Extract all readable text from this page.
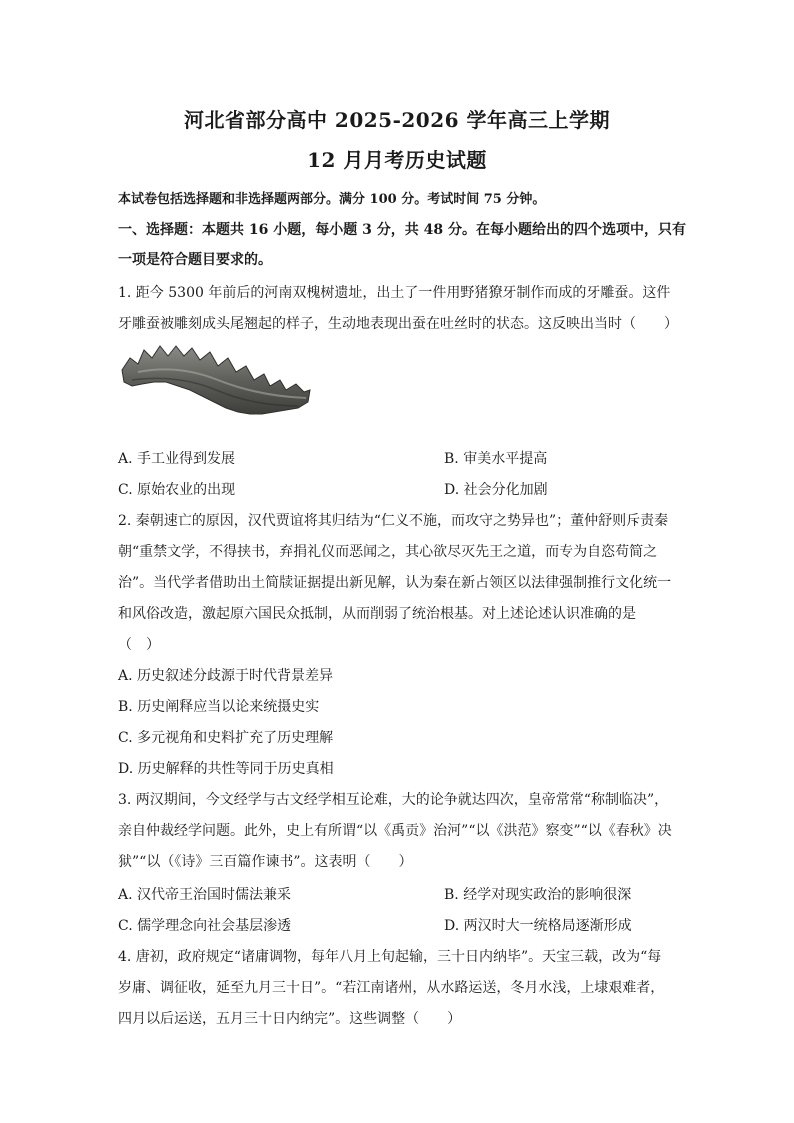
河北省部分高中 2025-2026 学年高三上学期
12 月月考历史试题
本试卷包括选择题和非选择题两部分。满分 100 分。考试时间 75 分钟。
一、选择题：本题共 16 小题，每小题 3 分，共 48 分。在每小题给出的四个选项中，只有
一项是符合题目要求的。
1. 距今 5300 年前后的河南双槐树遗址，出土了一件用野猪獠牙制作而成的牙雕蚕。这件
牙雕蚕被雕刻成头尾翘起的样子，生动地表现出蚕在吐丝时的状态。这反映出当时（　　）
A. 手工业得到发展	B. 审美水平提高
C. 原始农业的出现	D. 社会分化加剧
2. 秦朝速亡的原因，汉代贾谊将其归结为“仁义不施，而攻守之势异也”；董仲舒则斥责秦
朝“重禁文学，不得挟书，弃捐礼仪而恶闻之，其心欲尽灭先王之道，而专为自恣苟简之
治”。当代学者借助出土简牍证据提出新见解，认为秦在新占领区以法律强制推行文化统一
和风俗改造，激起原六国民众抵制，从而削弱了统治根基。对上述论述认识准确的是
（　）
A. 历史叙述分歧源于时代背景差异
B. 历史阐释应当以论来统摄史实
C. 多元视角和史料扩充了历史理解
D. 历史解释的共性等同于历史真相
3. 两汉期间，今文经学与古文经学相互论难，大的论争就达四次，皇帝常常“称制临决”，
亲自仲裁经学问题。此外，史上有所谓“以《禹贡》治河”“以《洪范》察变”“以《春秋》决
狱”“以（《诗》三百篇作谏书”。这表明（　　）
A. 汉代帝王治国时儒法兼采	B. 经学对现实政治的影响很深
C. 儒学理念向社会基层渗透	D. 两汉时大一统格局逐渐形成
4. 唐初，政府规定“诸庸调物，每年八月上旬起输，三十日内纳毕”。天宝三载，改为“每
岁庸、调征收，延至九月三十日”。“若江南诸州，从水路运送，冬月水浅，上埭艰难者，
四月以后运送，五月三十日内纳完”。这些调整（　　）
